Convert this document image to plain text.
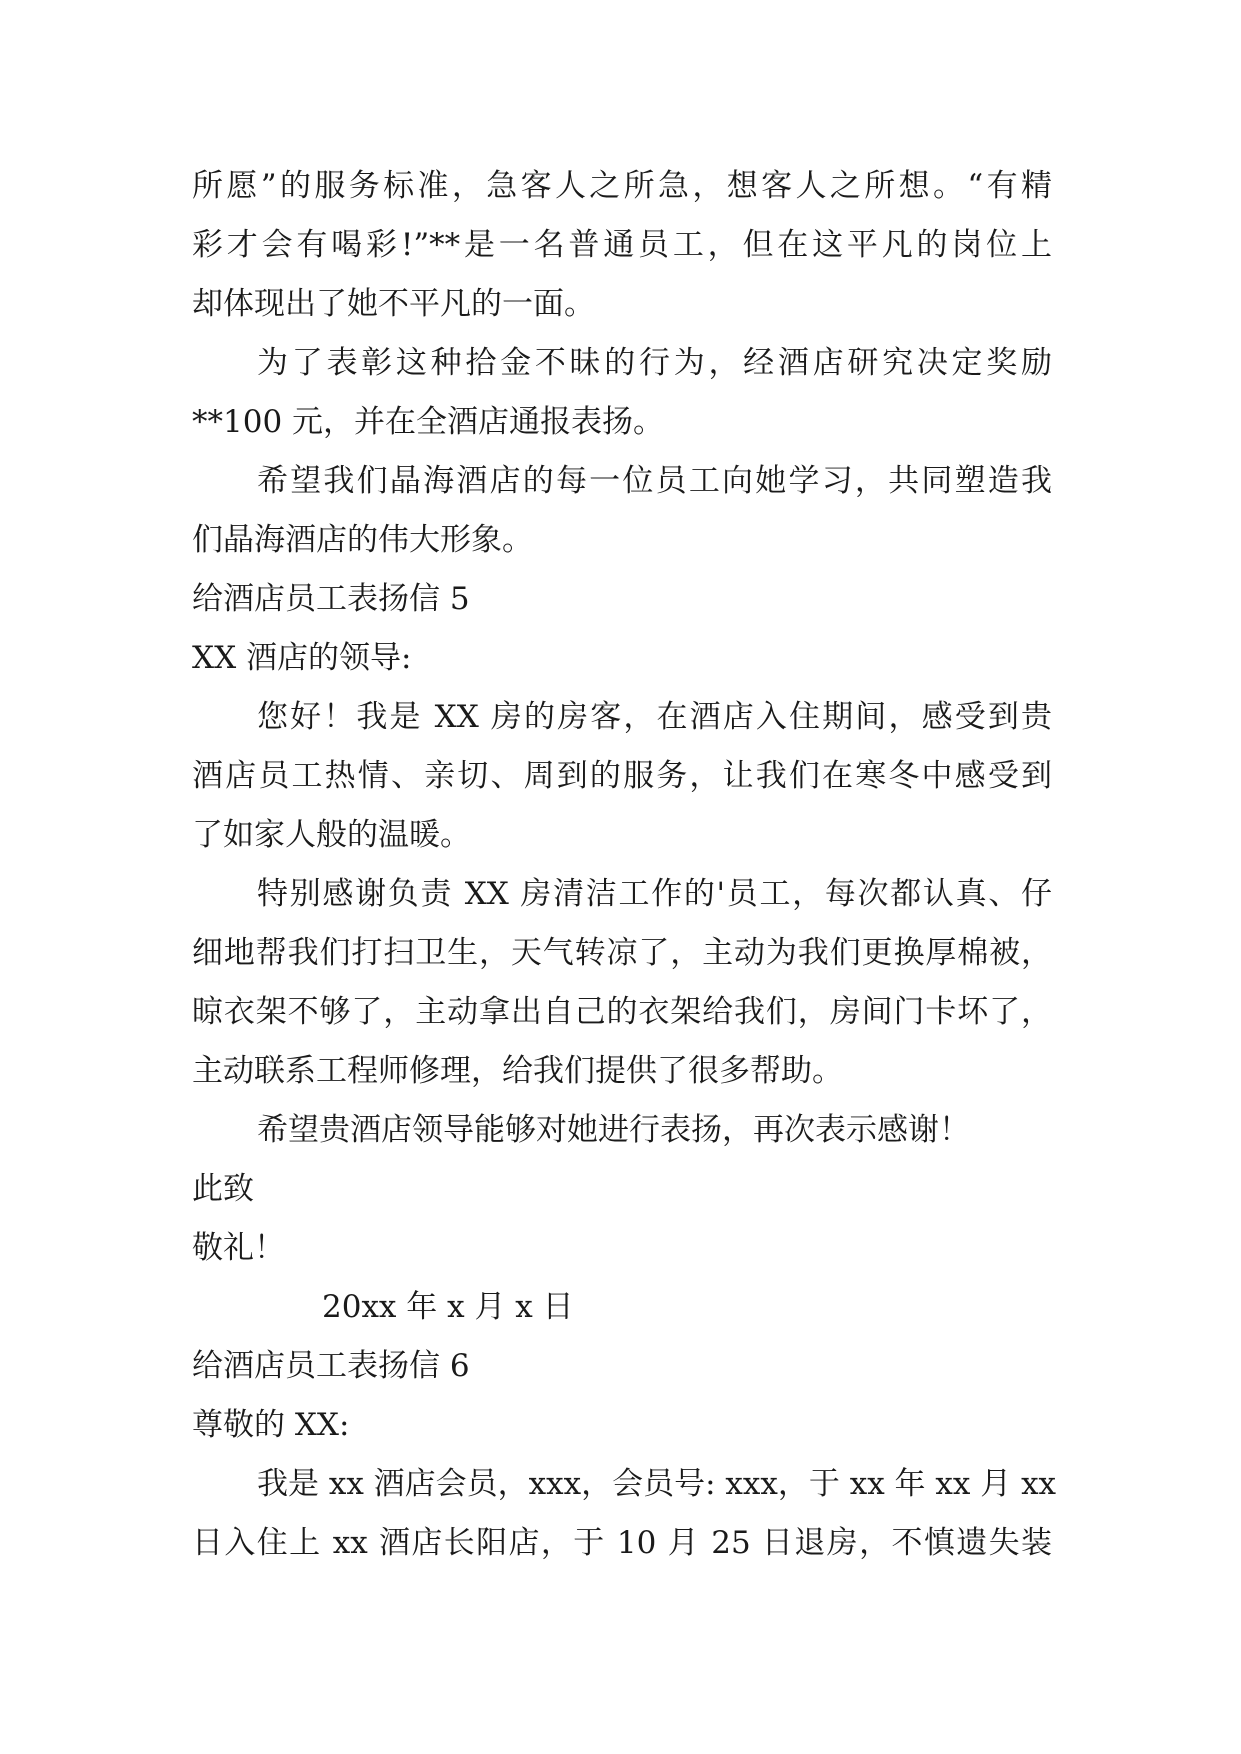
所愿”的服务标准，急客人之所急，想客人之所想。“有精
彩才会有喝彩!”**是一名普通员工，但在这平凡的岗位上
却体现出了她不平凡的一面。
为了表彰这种拾金不昧的行为，经酒店研究决定奖励
**100 元，并在全酒店通报表扬。
希望我们晶海酒店的每一位员工向她学习，共同塑造我
们晶海酒店的伟大形象。
给酒店员工表扬信 5
XX 酒店的领导:
您好！我是 XX 房的房客，在酒店入住期间，感受到贵
酒店员工热情、亲切、周到的服务，让我们在寒冬中感受到
了如家人般的温暖。
特别感谢负责 XX 房清洁工作的'员工，每次都认真、仔
细地帮我们打扫卫生，天气转凉了，主动为我们更换厚棉被，
晾衣架不够了，主动拿出自己的衣架给我们，房间门卡坏了，
主动联系工程师修理，给我们提供了很多帮助。
希望贵酒店领导能够对她进行表扬，再次表示感谢！
此致
敬礼！
20xx 年 x 月 x 日
给酒店员工表扬信 6
尊敬的 XX:
我是 xx 酒店会员，xxx，会员号: xxx，于 xx 年 xx 月 xx
日入住上 xx 酒店长阳店，于 10 月 25 日退房，不慎遗失装
